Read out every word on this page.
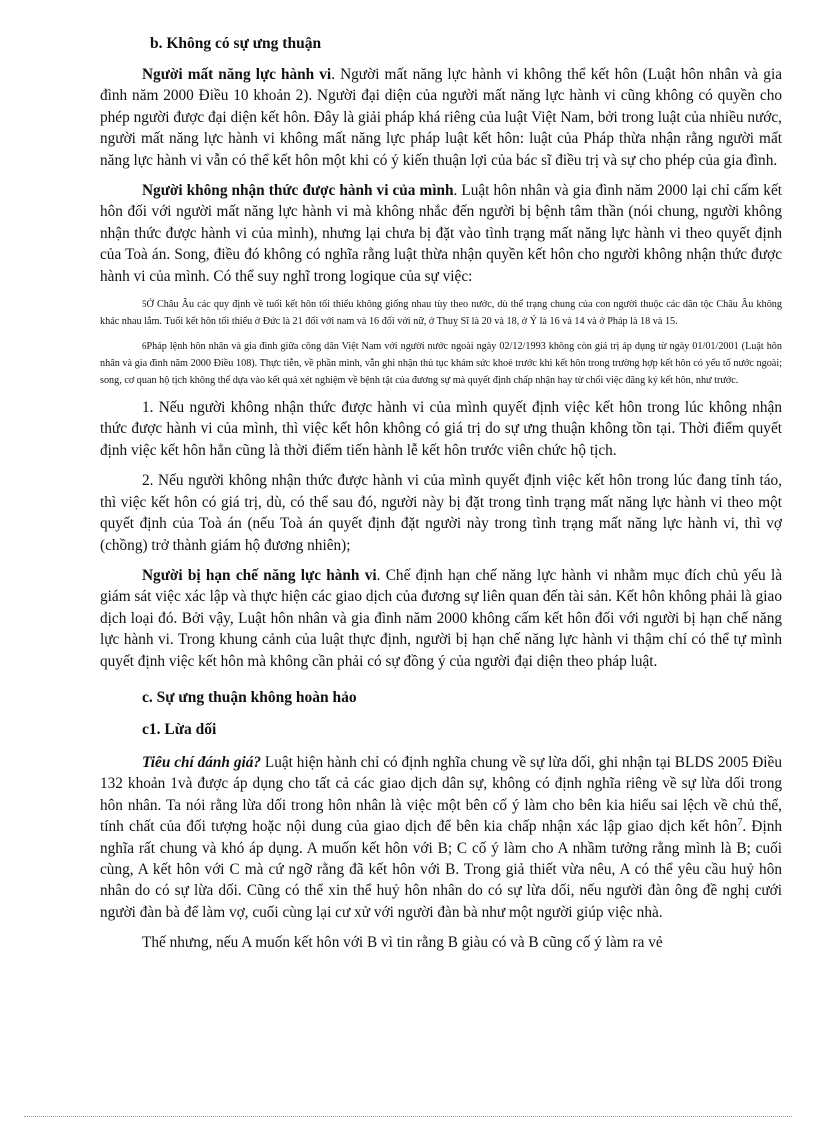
b. Không có sự ưng thuận

Người mất năng lực hành vi. Người mất năng lực hành vi không thể kết hôn (Luật hôn nhân và gia đình năm 2000 Điều 10 khoản 2). Người đại diện của người mất năng lực hành vi cũng không có quyền cho phép người được đại diện kết hôn. Đây là giải pháp khá riêng của luật Việt Nam, bởi trong luật của nhiều nước, người mất năng lực hành vi không mất năng lực pháp luật kết hôn: luật của Pháp thừa nhận rằng người mất năng lực hành vi vẫn có thể kết hôn một khi có ý kiến thuận lợi của bác sĩ điều trị và sự cho phép của gia đình.

Người không nhận thức được hành vi của mình. Luật hôn nhân và gia đình năm 2000 lại chỉ cấm kết hôn đối với người mất năng lực hành vi mà không nhắc đến người bị bệnh tâm thần (nói chung, người không nhận thức được hành vi của mình), nhưng lại chưa bị đặt vào tình trạng mất năng lực hành vi theo quyết định của Toà án. Song, điều đó không có nghĩa rằng luật thừa nhận quyền kết hôn cho người không nhận thức được hành vi của mình. Có thể suy nghĩ trong logique của sự việc:

5Ở Châu Âu các quy định về tuổi kết hôn tối thiểu không giống nhau tùy theo nước, dù thể trạng chung của con người thuộc các dân tộc Châu Âu không khác nhau lắm. Tuổi kết hôn tối thiểu ở Đức là 21 đối với nam và 16 đối với nữ, ở Thuỵ Sĩ là 20 và 18, ở Ý là 16 và 14 và ở Pháp là 18 và 15.
6Pháp lệnh hôn nhân và gia đình giữa công dân Việt Nam với người nước ngoài ngày 02/12/1993 không còn giá trị áp dụng từ ngày 01/01/2001 (Luật hôn nhân và gia đình năm 2000 Điều 108). Thực tiễn, về phần mình, vẫn ghi nhận thủ tục khám sức khoẻ trước khi kết hôn trong trường hợp kết hôn có yếu tố nước ngoài; song, cơ quan hộ tịch không thể dựa vào kết quả xét nghiệm về bệnh tật của đương sự mà quyết định chấp nhận hay từ chối việc đăng ký kết hôn, như trước.

1. Nếu người không nhận thức được hành vi của mình quyết định việc kết hôn trong lúc không nhận thức được hành vi của mình, thì việc kết hôn không có giá trị do sự ưng thuận không tồn tại. Thời điểm quyết định việc kết hôn hẳn cũng là thời điểm tiến hành lễ kết hôn trước viên chức hộ tịch.

2. Nếu người không nhận thức được hành vi của mình quyết định việc kết hôn trong lúc đang tỉnh táo, thì việc kết hôn có giá trị, dù, có thể sau đó, người này bị đặt trong tình trạng mất năng lực hành vi theo một quyết định của Toà án (nếu Toà án quyết định đặt người này trong tình trạng mất năng lực hành vi, thì vợ (chồng) trở thành giám hộ đương nhiên);

Người bị hạn chế năng lực hành vi. Chế định hạn chế năng lực hành vi nhằm mục đích chủ yếu là giám sát việc xác lập và thực hiện các giao dịch của đương sự liên quan đến tài sản. Kết hôn không phải là giao dịch loại đó. Bởi vậy, Luật hôn nhân và gia đình năm 2000 không cấm kết hôn đối với người bị hạn chế năng lực hành vi. Trong khung cảnh của luật thực định, người bị hạn chế năng lực hành vi thậm chí có thể tự mình quyết định việc kết hôn mà không cần phải có sự đồng ý của người đại diện theo pháp luật.

c. Sự ưng thuận không hoàn hảo
c1. Lừa dối

Tiêu chí đánh giá? Luật hiện hành chỉ có định nghĩa chung về sự lừa dối, ghi nhận tại BLDS 2005 Điều 132 khoản 1và được áp dụng cho tất cả các giao dịch dân sự, không có định nghĩa riêng về sự lừa dối trong hôn nhân. Ta nói rằng lừa dối trong hôn nhân là việc một bên cố ý làm cho bên kia hiểu sai lệch về chủ thể, tính chất của đối tượng hoặc nội dung của giao dịch để bên kia chấp nhận xác lập giao dịch kết hôn$^7$. Định nghĩa rất chung và khó áp dụng. A muốn kết hôn với B; C cố ý làm cho A nhầm tưởng rằng mình là B; cuối cùng, A kết hôn với C mà cứ ngỡ rằng đã kết hôn với B. Trong giả thiết vừa nêu, A có thể yêu cầu huỷ hôn nhân do có sự lừa dối. Cũng có thể xin thể huỷ hôn nhân do có sự lừa dối, nếu người đàn ông đề nghị cưới người đàn bà để làm vợ, cuối cùng lại cư xử với người đàn bà như một người giúp việc nhà.

Thế nhưng, nếu A muốn kết hôn với B vì tin rằng B giàu có và B cũng cố ý làm ra vẻ
